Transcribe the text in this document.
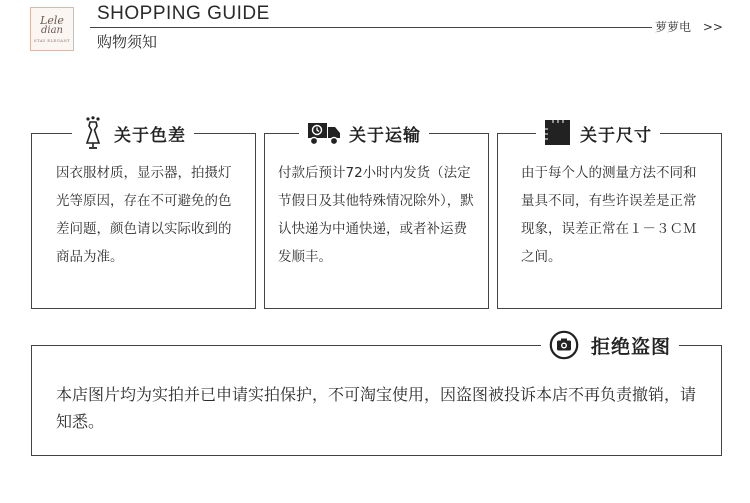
Lele
dian
STAY ELEGANT
SHOPPING GUIDE
购物须知
萝萝电 >>
关于色差
因衣服材质，显示器，拍摄灯光等原因，存在不可避免的色差问题，颜色请以实际收到的商品为准。
关于运输
付款后预计72小时内发货（法定节假日及其他特殊情况除外），默认快递为中通快递，或者补运费发顺丰。
关于尺寸
由于每个人的测量方法不同和量具不同，有些许误差是正常现象，误差正常在１－３ＣＭ之间。
拒绝盗图
本店图片均为实拍并已申请实拍保护，不可淘宝使用，因盗图被投诉本店不再负责撤销，请知悉。
